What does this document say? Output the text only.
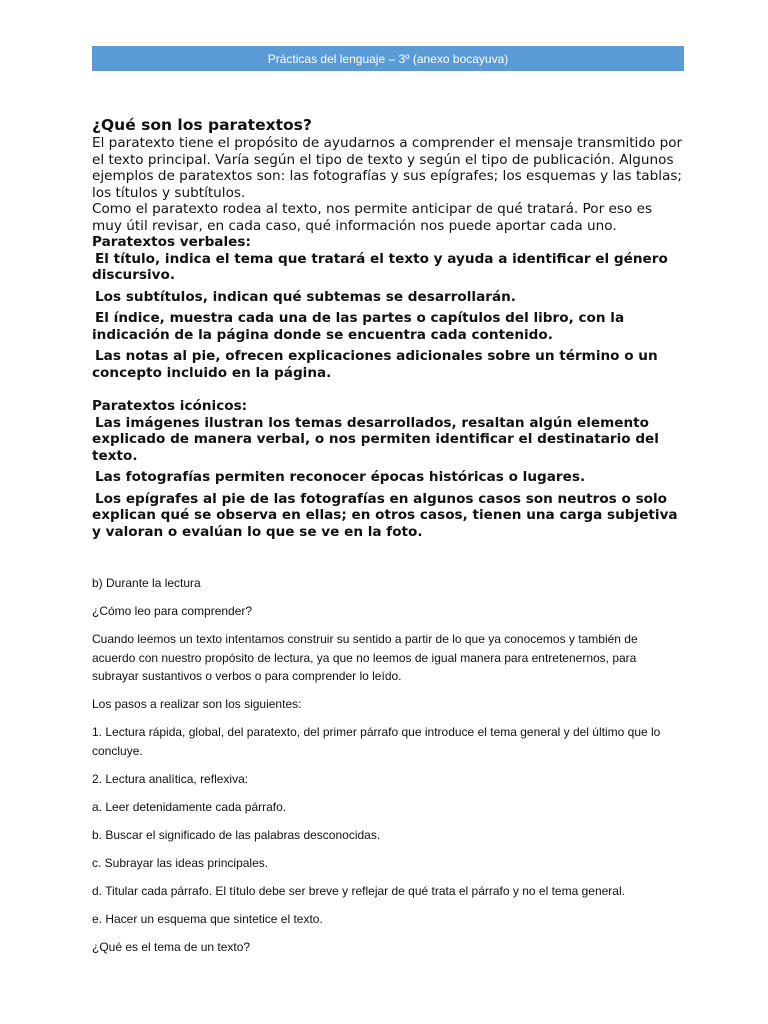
Prácticas del lenguaje – 3º (anexo bocayuva)

¿Qué son los paratextos?

El paratexto tiene el propósito de ayudarnos a comprender el mensaje transmitido por el texto principal. Varía según el tipo de texto y según el tipo de publicación. Algunos ejemplos de paratextos son: las fotografías y sus epígrafes; los esquemas y las tablas; los títulos y subtítulos.

Como el paratexto rodea al texto, nos permite anticipar de qué tratará. Por eso es muy útil revisar, en cada caso, qué información nos puede aportar cada uno.

Paratextos verbales:

El título, indica el tema que tratará el texto y ayuda a identificar el género discursivo.

Los subtítulos, indican qué subtemas se desarrollarán.

El índice, muestra cada una de las partes o capítulos del libro, con la indicación de la página donde se encuentra cada contenido.

Las notas al pie, ofrecen explicaciones adicionales sobre un término o un concepto incluido en la página.

Paratextos icónicos:

Las imágenes ilustran los temas desarrollados, resaltan algún elemento explicado de manera verbal, o nos permiten identificar el destinatario del texto.

Las fotografías permiten reconocer épocas históricas o lugares.

Los epígrafes al pie de las fotografías en algunos casos son neutros o solo explican qué se observa en ellas; en otros casos, tienen una carga subjetiva y valoran o evalúan lo que se ve en la foto.

b) Durante la lectura

¿Cómo leo para comprender?

Cuando leemos un texto intentamos construir su sentido a partir de lo que ya conocemos y también de acuerdo con nuestro propósito de lectura, ya que no leemos de igual manera para entretenernos, para subrayar sustantivos o verbos o para comprender lo leído.

Los pasos a realizar son los siguientes:

1. Lectura rápida, global, del paratexto, del primer párrafo que introduce el tema general y del último que lo concluye.

2. Lectura analítica, reflexiva:

a. Leer detenidamente cada párrafo.

b. Buscar el significado de las palabras desconocidas.

c. Subrayar las ideas principales.

d. Titular cada párrafo. El título debe ser breve y reflejar de qué trata el párrafo y no el tema general.

e. Hacer un esquema que sintetice el texto.

¿Qué es el tema de un texto?
